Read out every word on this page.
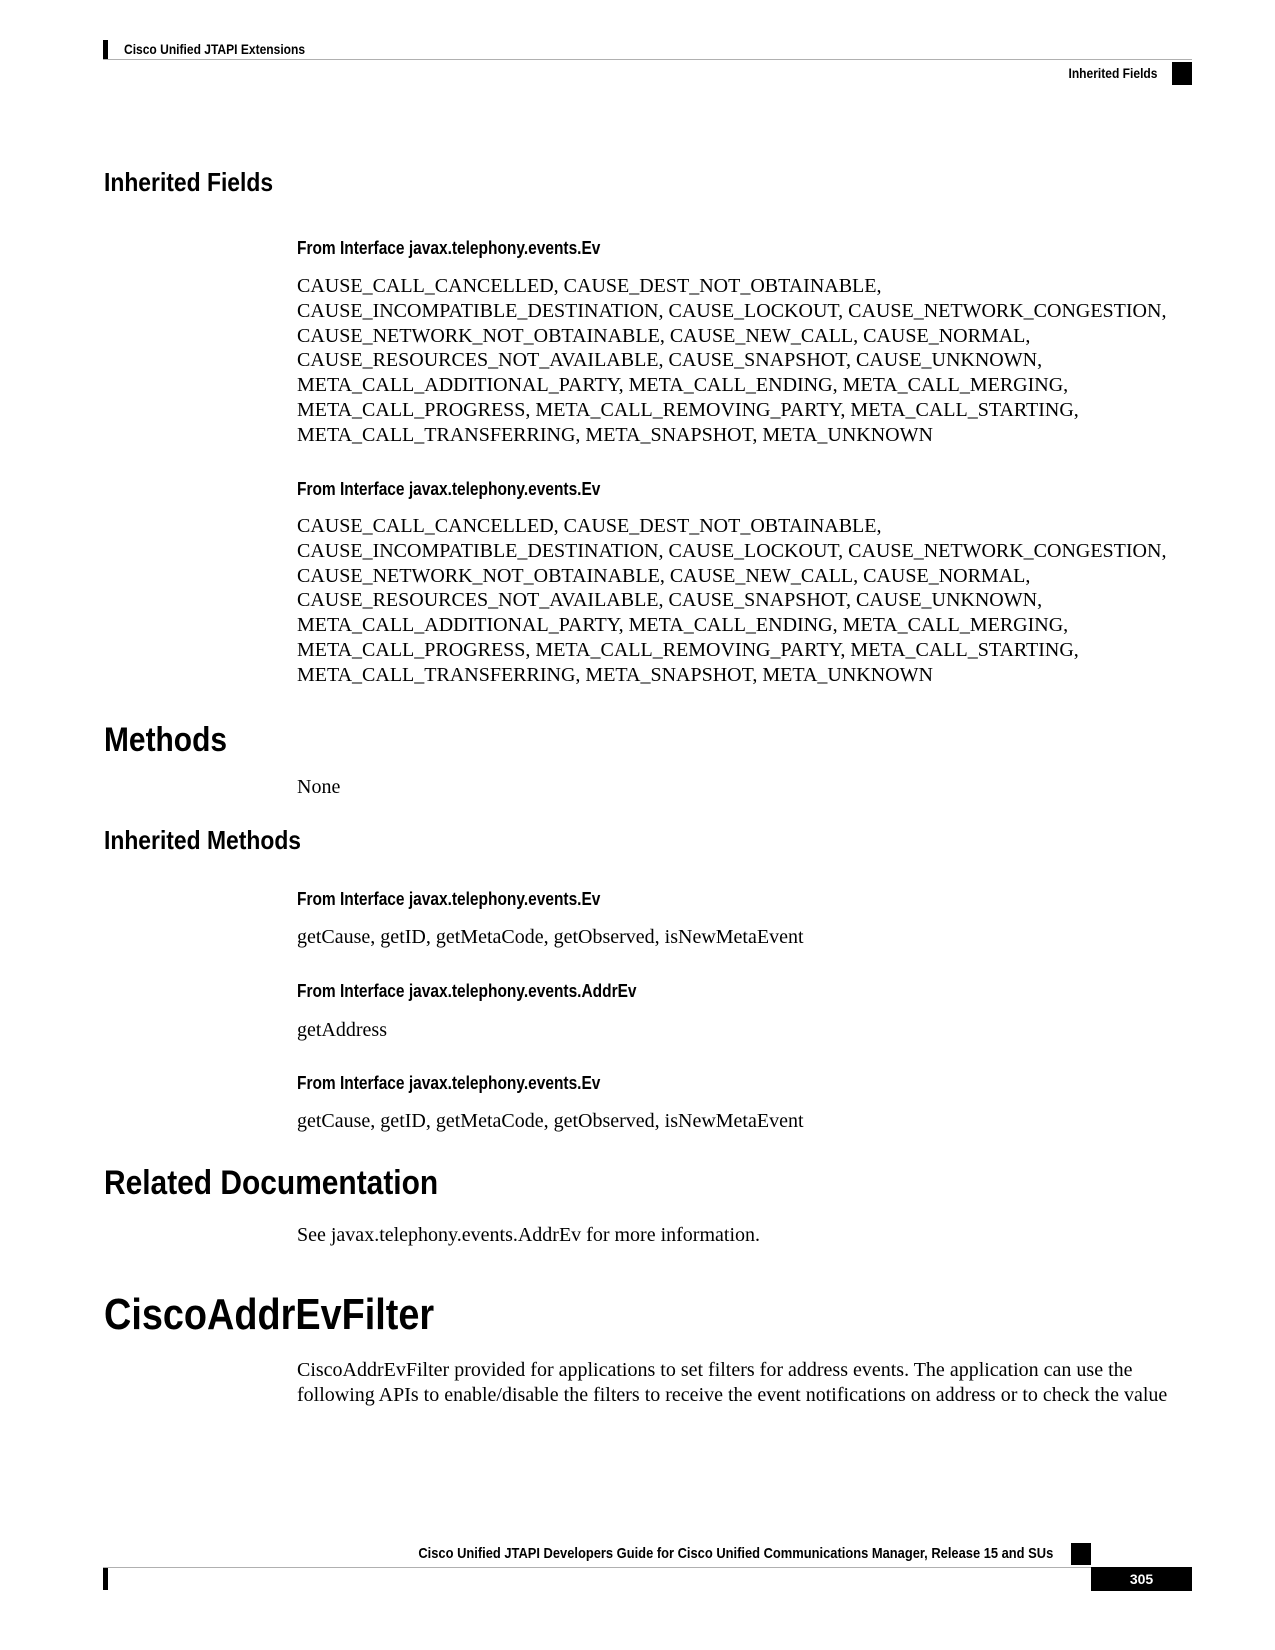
Cisco Unified JTAPI Extensions
Inherited Fields
Inherited Fields
From Interface javax.telephony.events.Ev
CAUSE_CALL_CANCELLED, CAUSE_DEST_NOT_OBTAINABLE,
CAUSE_INCOMPATIBLE_DESTINATION, CAUSE_LOCKOUT, CAUSE_NETWORK_CONGESTION,
CAUSE_NETWORK_NOT_OBTAINABLE, CAUSE_NEW_CALL, CAUSE_NORMAL,
CAUSE_RESOURCES_NOT_AVAILABLE, CAUSE_SNAPSHOT, CAUSE_UNKNOWN,
META_CALL_ADDITIONAL_PARTY, META_CALL_ENDING, META_CALL_MERGING,
META_CALL_PROGRESS, META_CALL_REMOVING_PARTY, META_CALL_STARTING,
META_CALL_TRANSFERRING, META_SNAPSHOT, META_UNKNOWN
From Interface javax.telephony.events.Ev
CAUSE_CALL_CANCELLED, CAUSE_DEST_NOT_OBTAINABLE,
CAUSE_INCOMPATIBLE_DESTINATION, CAUSE_LOCKOUT, CAUSE_NETWORK_CONGESTION,
CAUSE_NETWORK_NOT_OBTAINABLE, CAUSE_NEW_CALL, CAUSE_NORMAL,
CAUSE_RESOURCES_NOT_AVAILABLE, CAUSE_SNAPSHOT, CAUSE_UNKNOWN,
META_CALL_ADDITIONAL_PARTY, META_CALL_ENDING, META_CALL_MERGING,
META_CALL_PROGRESS, META_CALL_REMOVING_PARTY, META_CALL_STARTING,
META_CALL_TRANSFERRING, META_SNAPSHOT, META_UNKNOWN
Methods
None
Inherited Methods
From Interface javax.telephony.events.Ev
getCause, getID, getMetaCode, getObserved, isNewMetaEvent
From Interface javax.telephony.events.AddrEv
getAddress
From Interface javax.telephony.events.Ev
getCause, getID, getMetaCode, getObserved, isNewMetaEvent
Related Documentation
See javax.telephony.events.AddrEv for more information.
CiscoAddrEvFilter
CiscoAddrEvFilter provided for applications to set filters for address events. The application can use the
following APIs to enable/disable the filters to receive the event notifications on address or to check the value
Cisco Unified JTAPI Developers Guide for Cisco Unified Communications Manager, Release 15 and SUs
305
